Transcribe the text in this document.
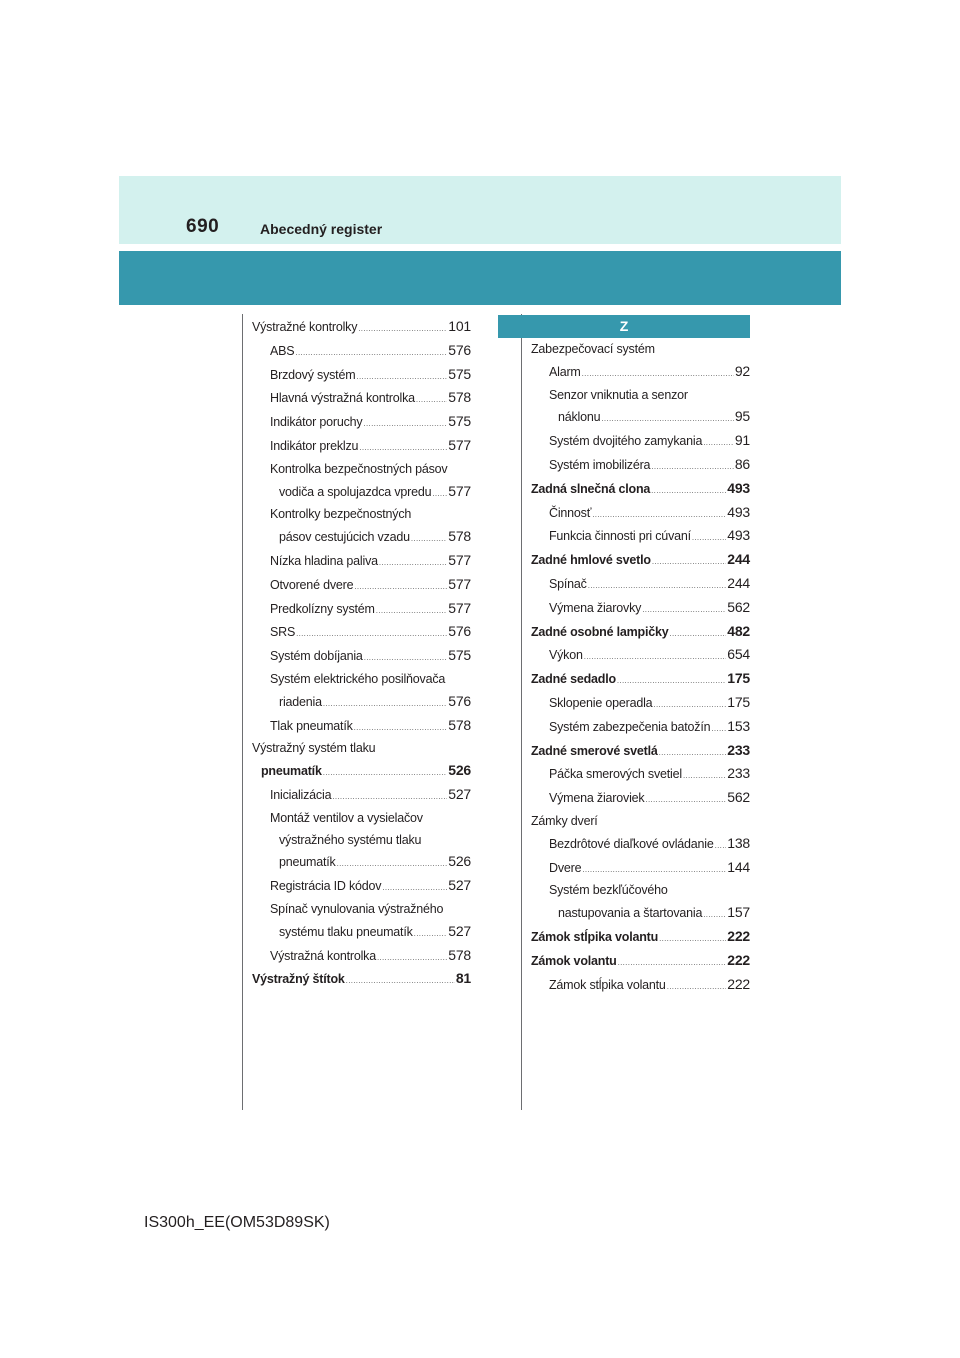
690	Abecedný register
Výstražné kontrolky .....	101
ABS .....	576
Brzdový systém .....	575
Hlavná výstražná kontrolka ..... 578
Indikátor poruchy .....	575
Indikátor preklzu .....	577
Kontrolka bezpečnostných pásov
vodiča a spolujazdca vpredu ..... 577
Kontrolky bezpečnostných
pásov cestujúcich vzadu .....	578
Nízka hladina paliva .....	577
Otvorené dvere .....	577
Predkolízny systém .....	577
SRS .....	576
Systém dobíjania .....	575
Systém elektrického posilňovača
riadenia .....	576
Tlak pneumatík .....	578
Výstražný systém tlaku
pneumatík .....	526
Inicializácia .....	527
Montáž ventilov a vysielačov
výstražného systému tlaku
pneumatík .....	526
Registrácia ID kódov .....	527
Spínač vynulovania výstražného
systému tlaku pneumatík .....	527
Výstražná kontrolka .....	578
Výstražný štítok .....	81
Z
Zabezpečovací systém
Alarm .....	92
Senzor vniknutia a senzor
náklonu .....	95
Systém dvojitého zamykania ..... 91
Systém imobilizéra .....	86
Zadná slnečná clona .....	493
Činnosť .....	493
Funkcia činnosti pri cúvaní .....	493
Zadné hmlové svetlo .....	244
Spínač .....	244
Výmena žiarovky .....	562
Zadné osobné lampičky .....	482
Výkon .....	654
Zadné sedadlo .....	175
Sklopenie operadla .....	175
Systém zabezpečenia batožín ..... 153
Zadné smerové svetlá .....	233
Páčka smerových svetiel .....	233
Výmena žiaroviek .....	562
Zámky dverí
Bezdrôtové diaľkové ovládanie ..... 138
Dvere .....	144
Systém bezkľúčového
nastupovania a štartovania ..... 157
Zámok stĺpika volantu .....	222
Zámok volantu .....	222
Zámok stĺpika volantu .....	222
IS300h_EE(OM53D89SK)
